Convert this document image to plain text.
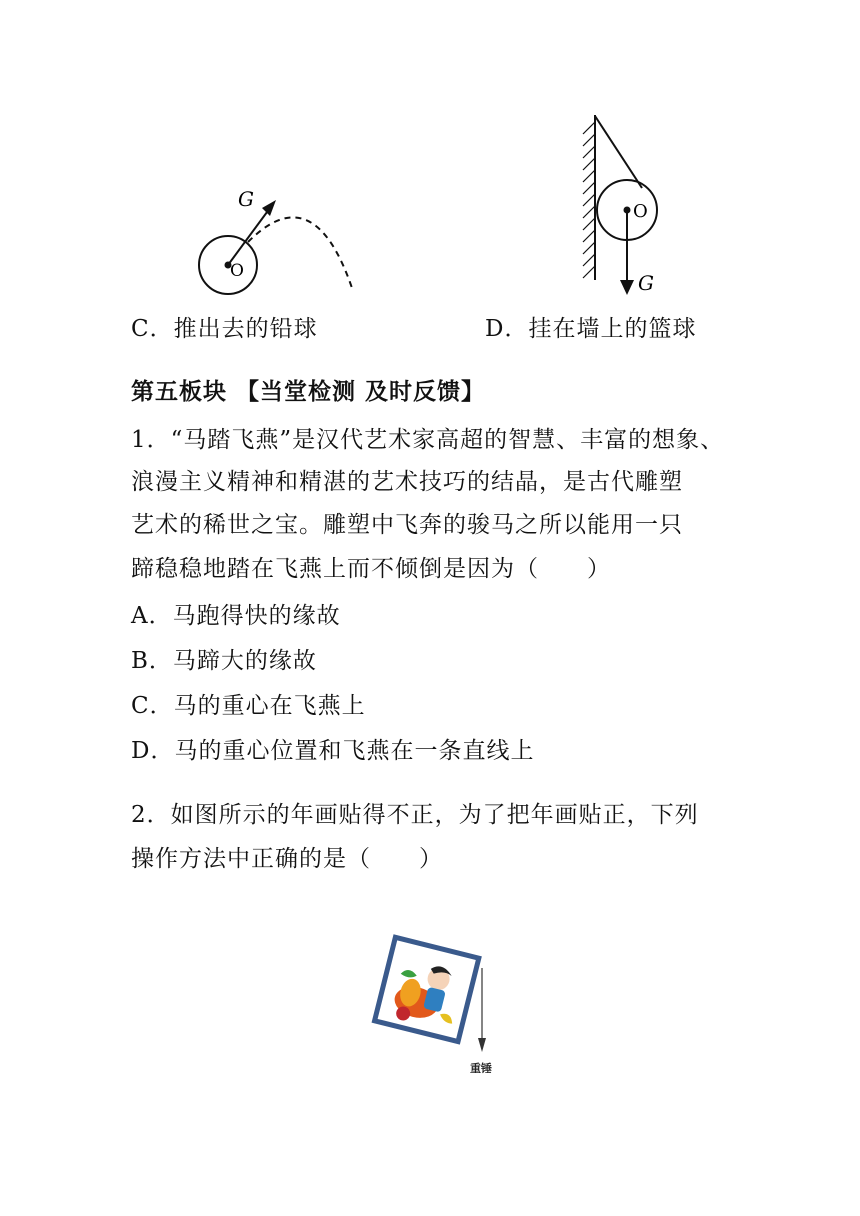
G
O
O
G
C．推出去的铅球	D．挂在墙上的篮球
第五板块 【当堂检测 及时反馈】
1．“马踏飞燕”是汉代艺术家高超的智慧、丰富的想象、
浪漫主义精神和精湛的艺术技巧的结晶，是古代雕塑
艺术的稀世之宝。雕塑中飞奔的骏马之所以能用一只
蹄稳稳地踏在飞燕上而不倾倒是因为（　　）
A．马跑得快的缘故
B．马蹄大的缘故
C．马的重心在飞燕上
D．马的重心位置和飞燕在一条直线上
2．如图所示的年画贴得不正，为了把年画贴正，下列
操作方法中正确的是（　　）
重锤
